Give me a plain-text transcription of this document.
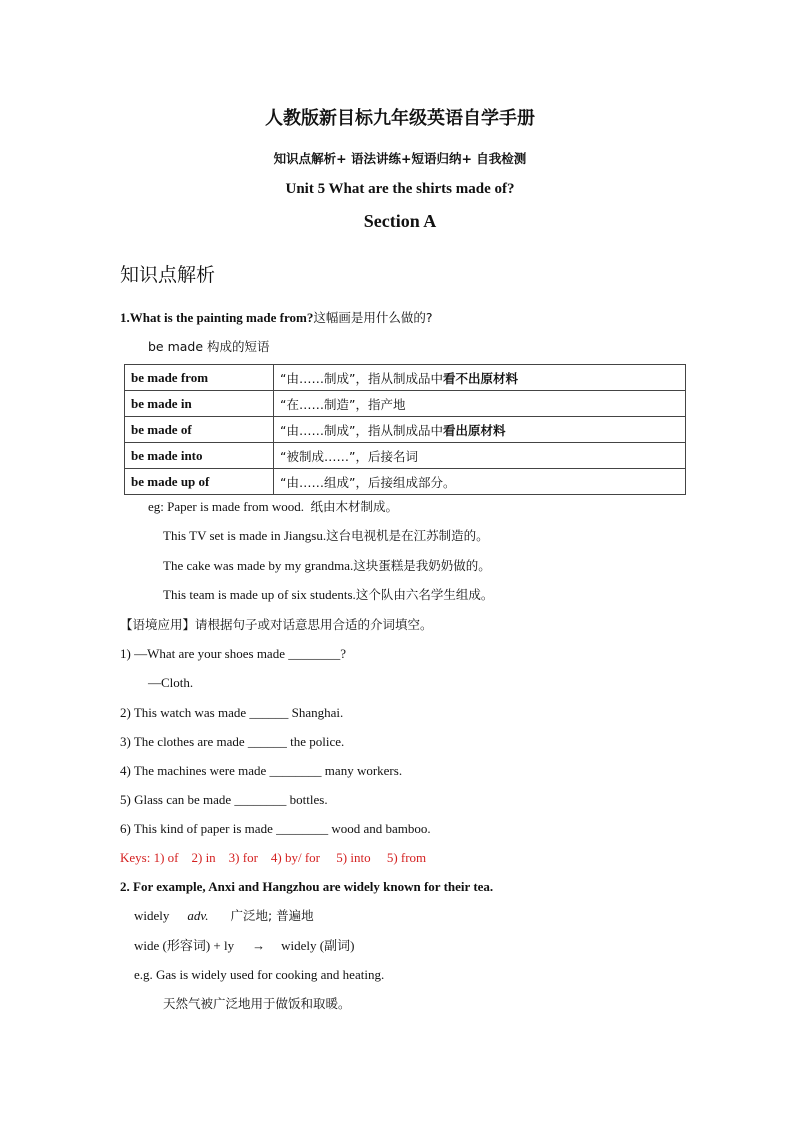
人教版新目标九年级英语自学手册
知识点解析+ 语法讲练+短语归纳+ 自我检测
Unit 5 What are the shirts made of?
Section A
知识点解析
1.What is the painting made from?这幅画是用什么做的?
be made 构成的短语
be made from	“由……制成”，指从制成品中看不出原材料
be made in	“在……制造”，指产地
be made of	“由……制成”，指从制成品中看出原材料
be made into	“被制成……”，后接名词
be made up of	“由……组成”，后接组成部分。
eg: Paper is made from wood. 纸由木材制成。
This TV set is made in Jiangsu.这台电视机是在江苏制造的。
The cake was made by my grandma.这块蛋糕是我奶奶做的。
This team is made up of six students.这个队由六名学生组成。
【语境应用】请根据句子或对话意思用合适的介词填空。
1) —What are your shoes made ________?
—Cloth.
2) This watch was made ______ Shanghai.
3) The clothes are made ______ the police.
4) The machines were made ________ many workers.
5) Glass can be made ________ bottles.
6) This kind of paper is made ________ wood and bamboo.
Keys: 1) of    2) in    3) for    4) by/ for     5) into     5) from
2. For example, Anxi and Hangzhou are widely known for their tea.
widely adv. 广泛地; 普遍地
wide (形容词) + ly → widely (副词)
e.g. Gas is widely used for cooking and heating.
天然气被广泛地用于做饭和取暖。
